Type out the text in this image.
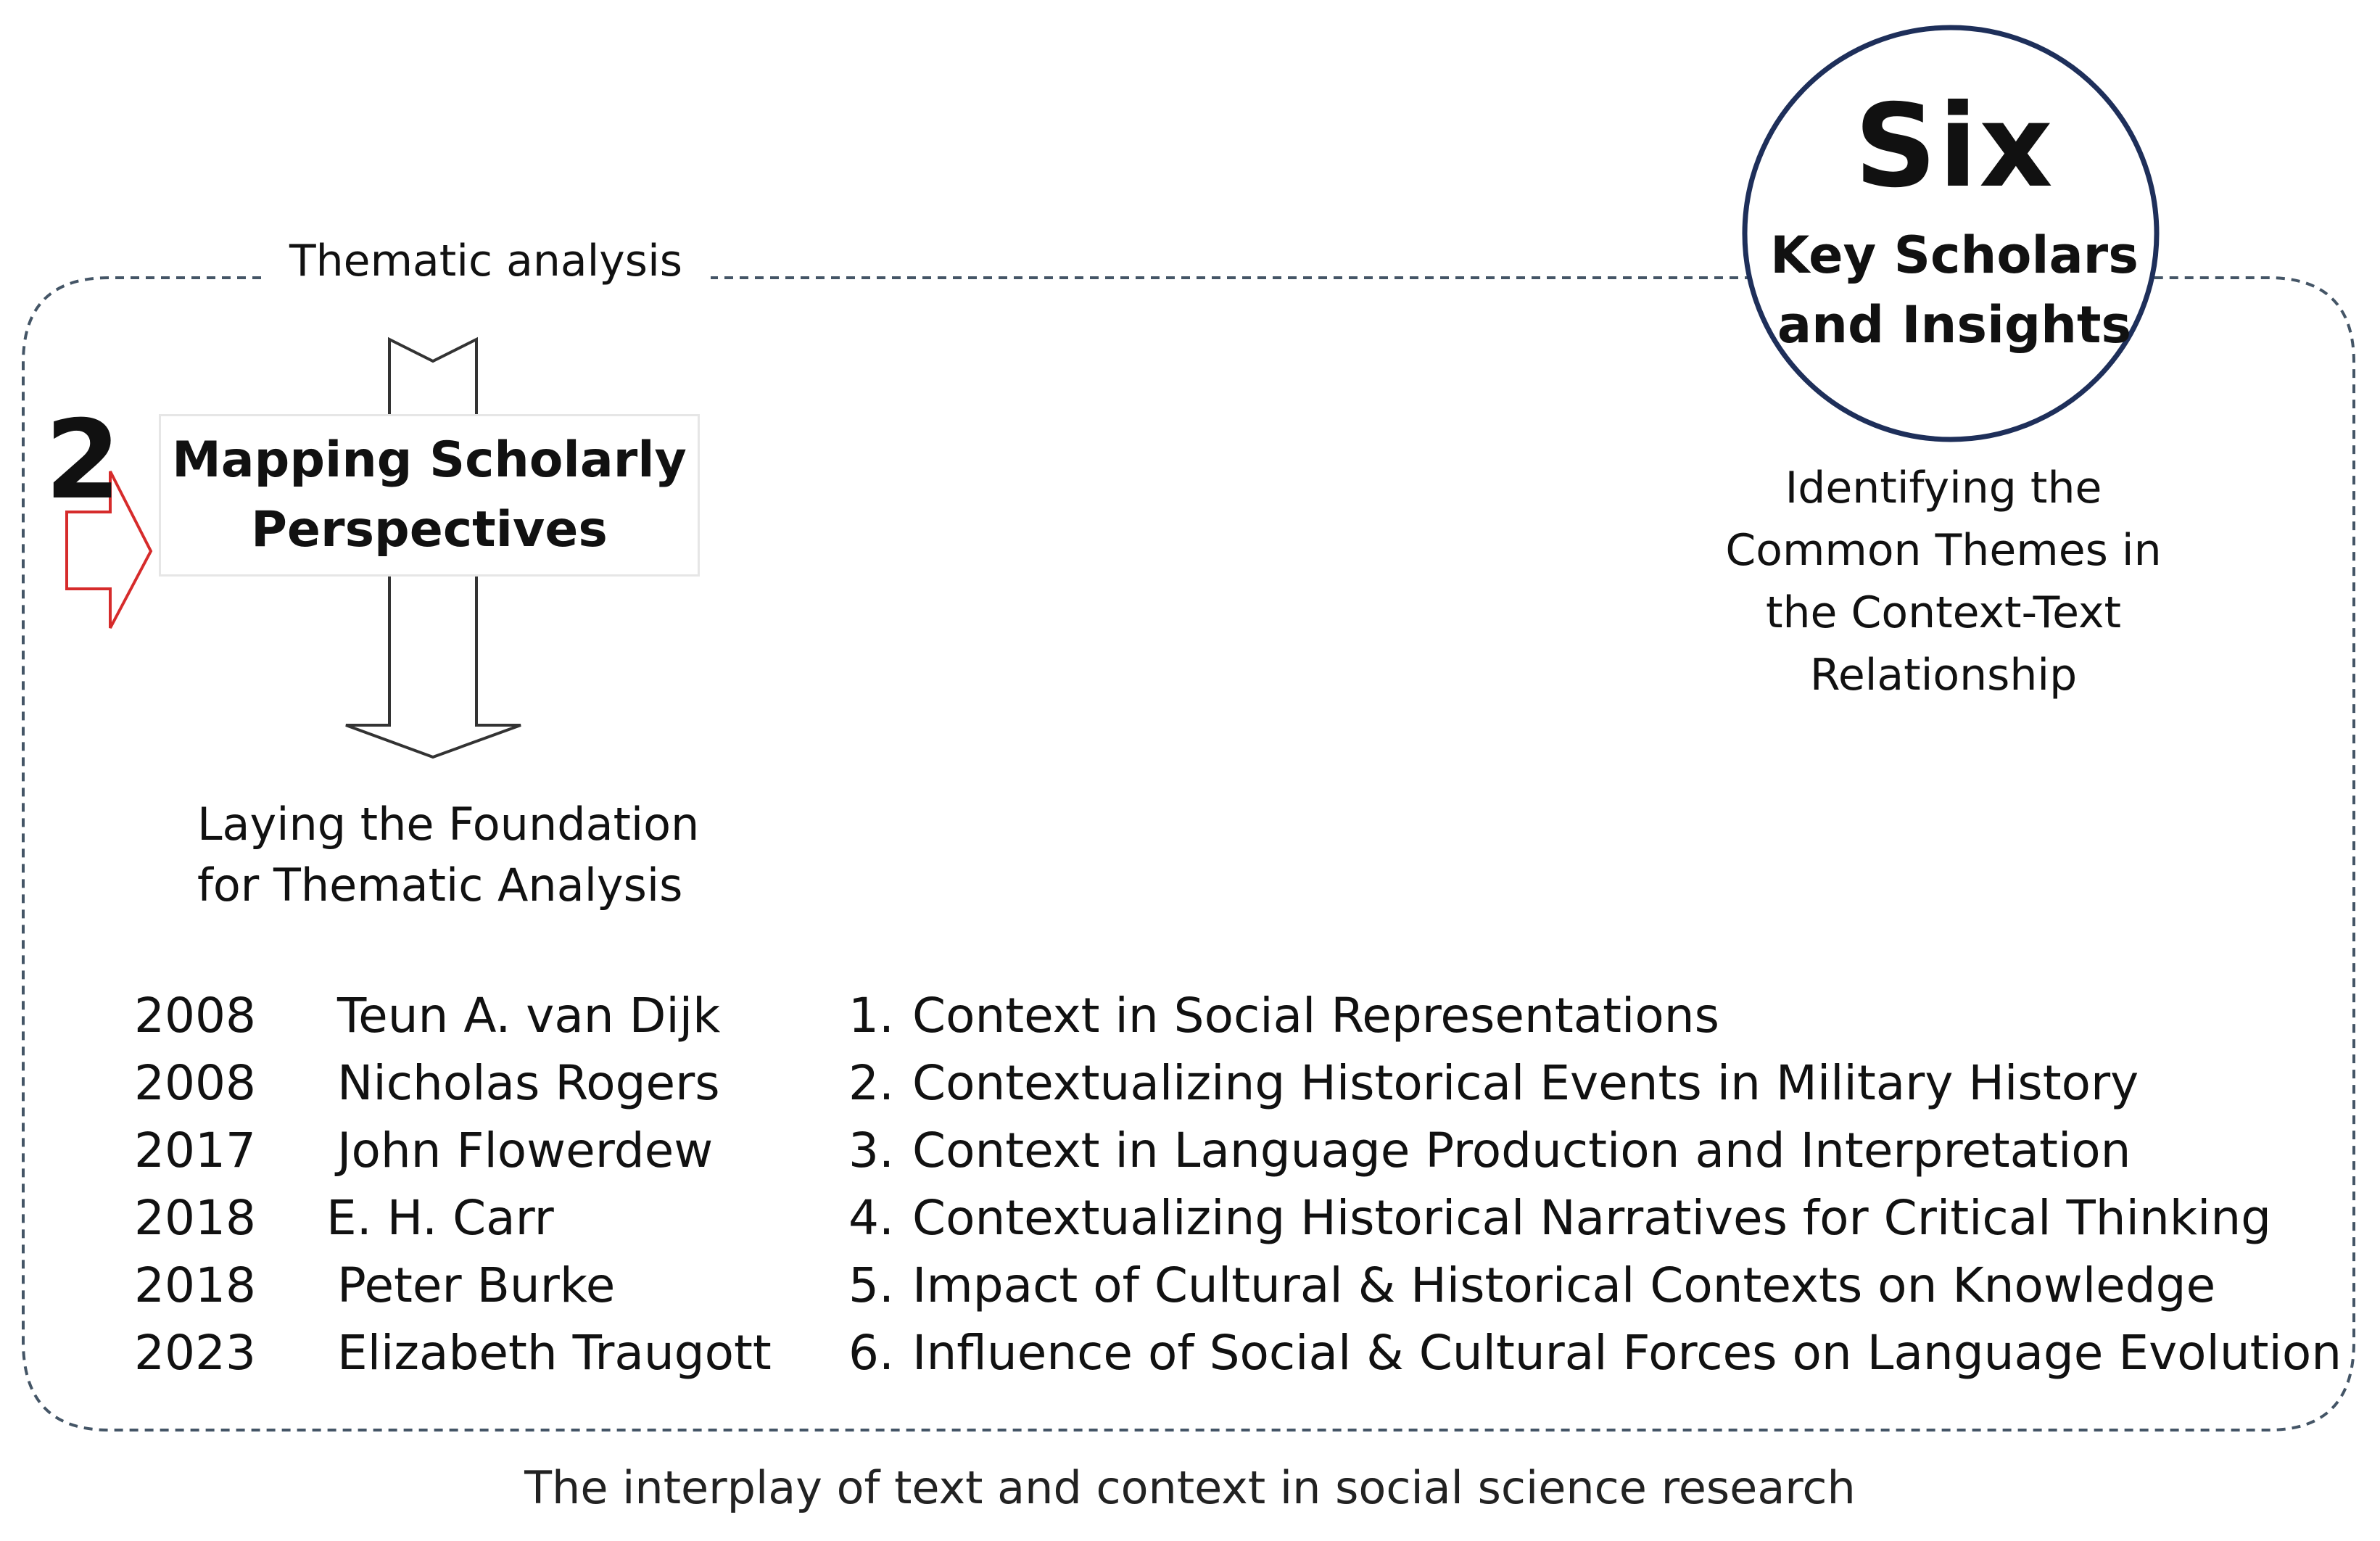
Thematic analysis
2 Mapping Scholarly
Perspectives
Laying the Foundation
for Thematic Analysis
Six
Key Scholars
and Insights
Identifying the
Common Themes in
the Context-Text
Relationship
2008 Teun A. van Dijk
2008 Nicholas Rogers
2017 John Flowerdew
2018 E. H. Carr
2018 Peter Burke
2023 Elizabeth Traugott
1. Context in Social Representations
2. Contextualizing Historical Events in Military History
3. Context in Language Production and Interpretation
4. Contextualizing Historical Narratives for Critical Thinking
5. Impact of Cultural & Historical Contexts on Knowledge
6. Influence of Social & Cultural Forces on Language Evolution
The interplay of text and context in social science research
